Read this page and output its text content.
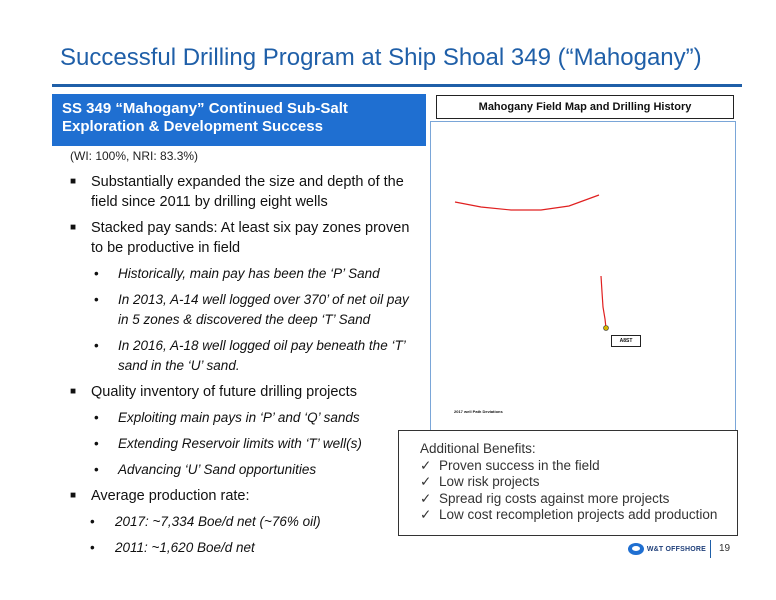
Successful Drilling Program at Ship Shoal 349 (“Mahogany”)
SS 349 “Mahogany” Continued Sub-Salt
Exploration & Development Success
(WI: 100%, NRI: 83.3%)
■ Substantially expanded the size and depth of the field since 2011 by drilling eight wells
■ Stacked pay sands: At least six pay zones proven to be productive in field
• Historically, main pay has been the ‘P’ Sand
• In 2013, A-14 well logged over 370’ of net oil pay in 5 zones & discovered the deep ‘T’ Sand
• In 2016, A-18 well logged oil pay beneath the ‘T’ sand in the ‘U’ sand.
■ Quality inventory of future drilling projects
• Exploiting main pays in ‘P’ and ‘Q’ sands
• Extending Reservoir limits with ‘T’ well(s)
• Advancing ‘U’ Sand opportunities
■ Average production rate:
• 2017: ~7,334 Boe/d net (~76% oil)
• 2011: ~1,620 Boe/d net
Mahogany Field Map and Drilling History
A8ST
2017 well Path Deviations
Additional Benefits:
✓ Proven success in the field
✓ Low risk projects
✓ Spread rig costs against more projects
✓ Low cost recompletion projects add production
W&T OFFSHORE 19
